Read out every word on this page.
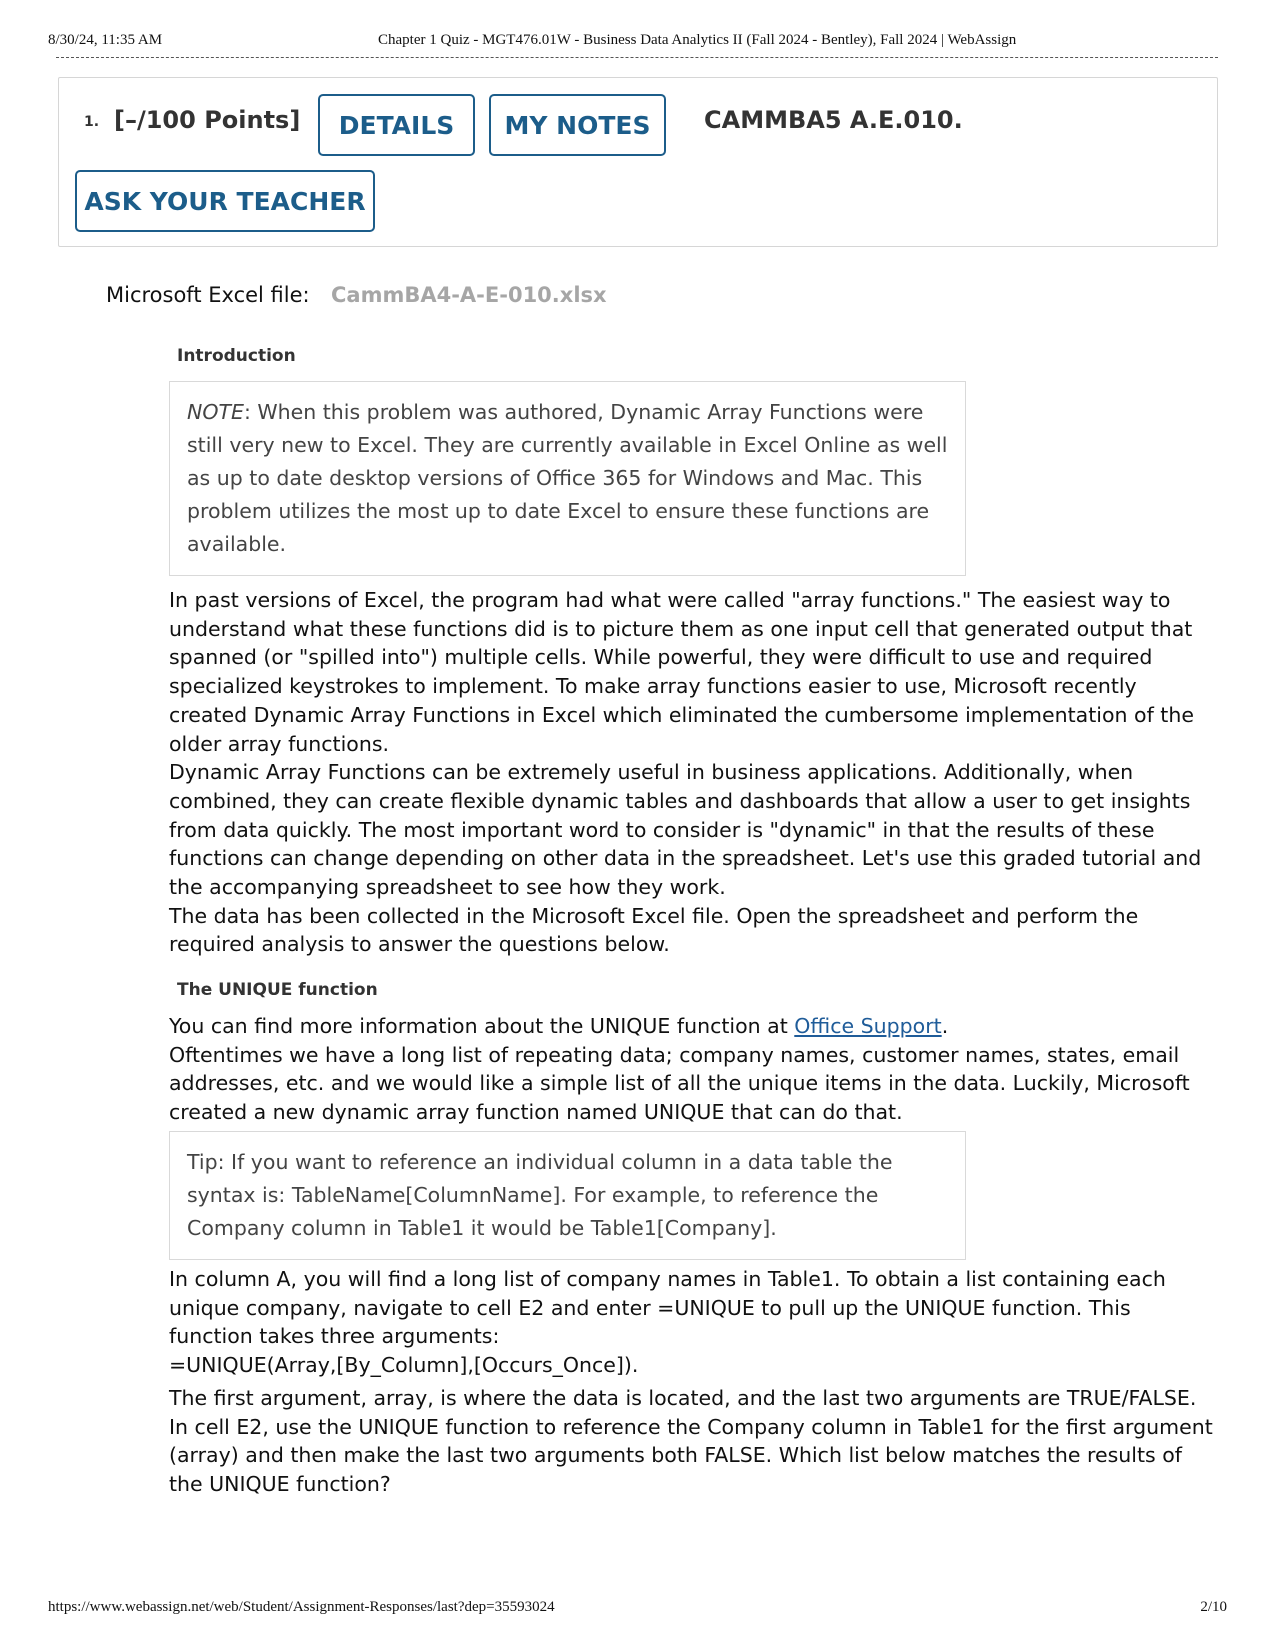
8/30/24, 11:35 AM	Chapter 1 Quiz - MGT476.01W - Business Data Analytics II (Fall 2024 - Bentley), Fall 2024 | WebAssign
1. [–/100 Points]	DETAILS	MY NOTES	CAMMBA5 A.E.010.
ASK YOUR TEACHER
Microsoft Excel file: CammBA4-A-E-010.xlsx
Introduction
NOTE: When this problem was authored, Dynamic Array Functions were still very new to Excel. They are currently available in Excel Online as well as up to date desktop versions of Office 365 for Windows and Mac. This problem utilizes the most up to date Excel to ensure these functions are available.

In past versions of Excel, the program had what were called "array functions." The easiest way to understand what these functions did is to picture them as one input cell that generated output that spanned (or "spilled into") multiple cells. While powerful, they were difficult to use and required specialized keystrokes to implement. To make array functions easier to use, Microsoft recently created Dynamic Array Functions in Excel which eliminated the cumbersome implementation of the older array functions.

Dynamic Array Functions can be extremely useful in business applications. Additionally, when combined, they can create flexible dynamic tables and dashboards that allow a user to get insights from data quickly. The most important word to consider is "dynamic" in that the results of these functions can change depending on other data in the spreadsheet. Let's use this graded tutorial and the accompanying spreadsheet to see how they work.

The data has been collected in the Microsoft Excel file. Open the spreadsheet and perform the required analysis to answer the questions below.

The UNIQUE function

You can find more information about the UNIQUE function at Office Support.

Oftentimes we have a long list of repeating data; company names, customer names, states, email addresses, etc. and we would like a simple list of all the unique items in the data. Luckily, Microsoft created a new dynamic array function named UNIQUE that can do that.

Tip: If you want to reference an individual column in a data table the syntax is: TableName[ColumnName]. For example, to reference the Company column in Table1 it would be Table1[Company].

In column A, you will find a long list of company names in Table1. To obtain a list containing each unique company, navigate to cell E2 and enter =UNIQUE to pull up the UNIQUE function. This function takes three arguments:

=UNIQUE(Array,[By_Column],[Occurs_Once]).

The first argument, array, is where the data is located, and the last two arguments are TRUE/FALSE.

In cell E2, use the UNIQUE function to reference the Company column in Table1 for the first argument (array) and then make the last two arguments both FALSE. Which list below matches the results of the UNIQUE function?

https://www.webassign.net/web/Student/Assignment-Responses/last?dep=35593024	2/10
